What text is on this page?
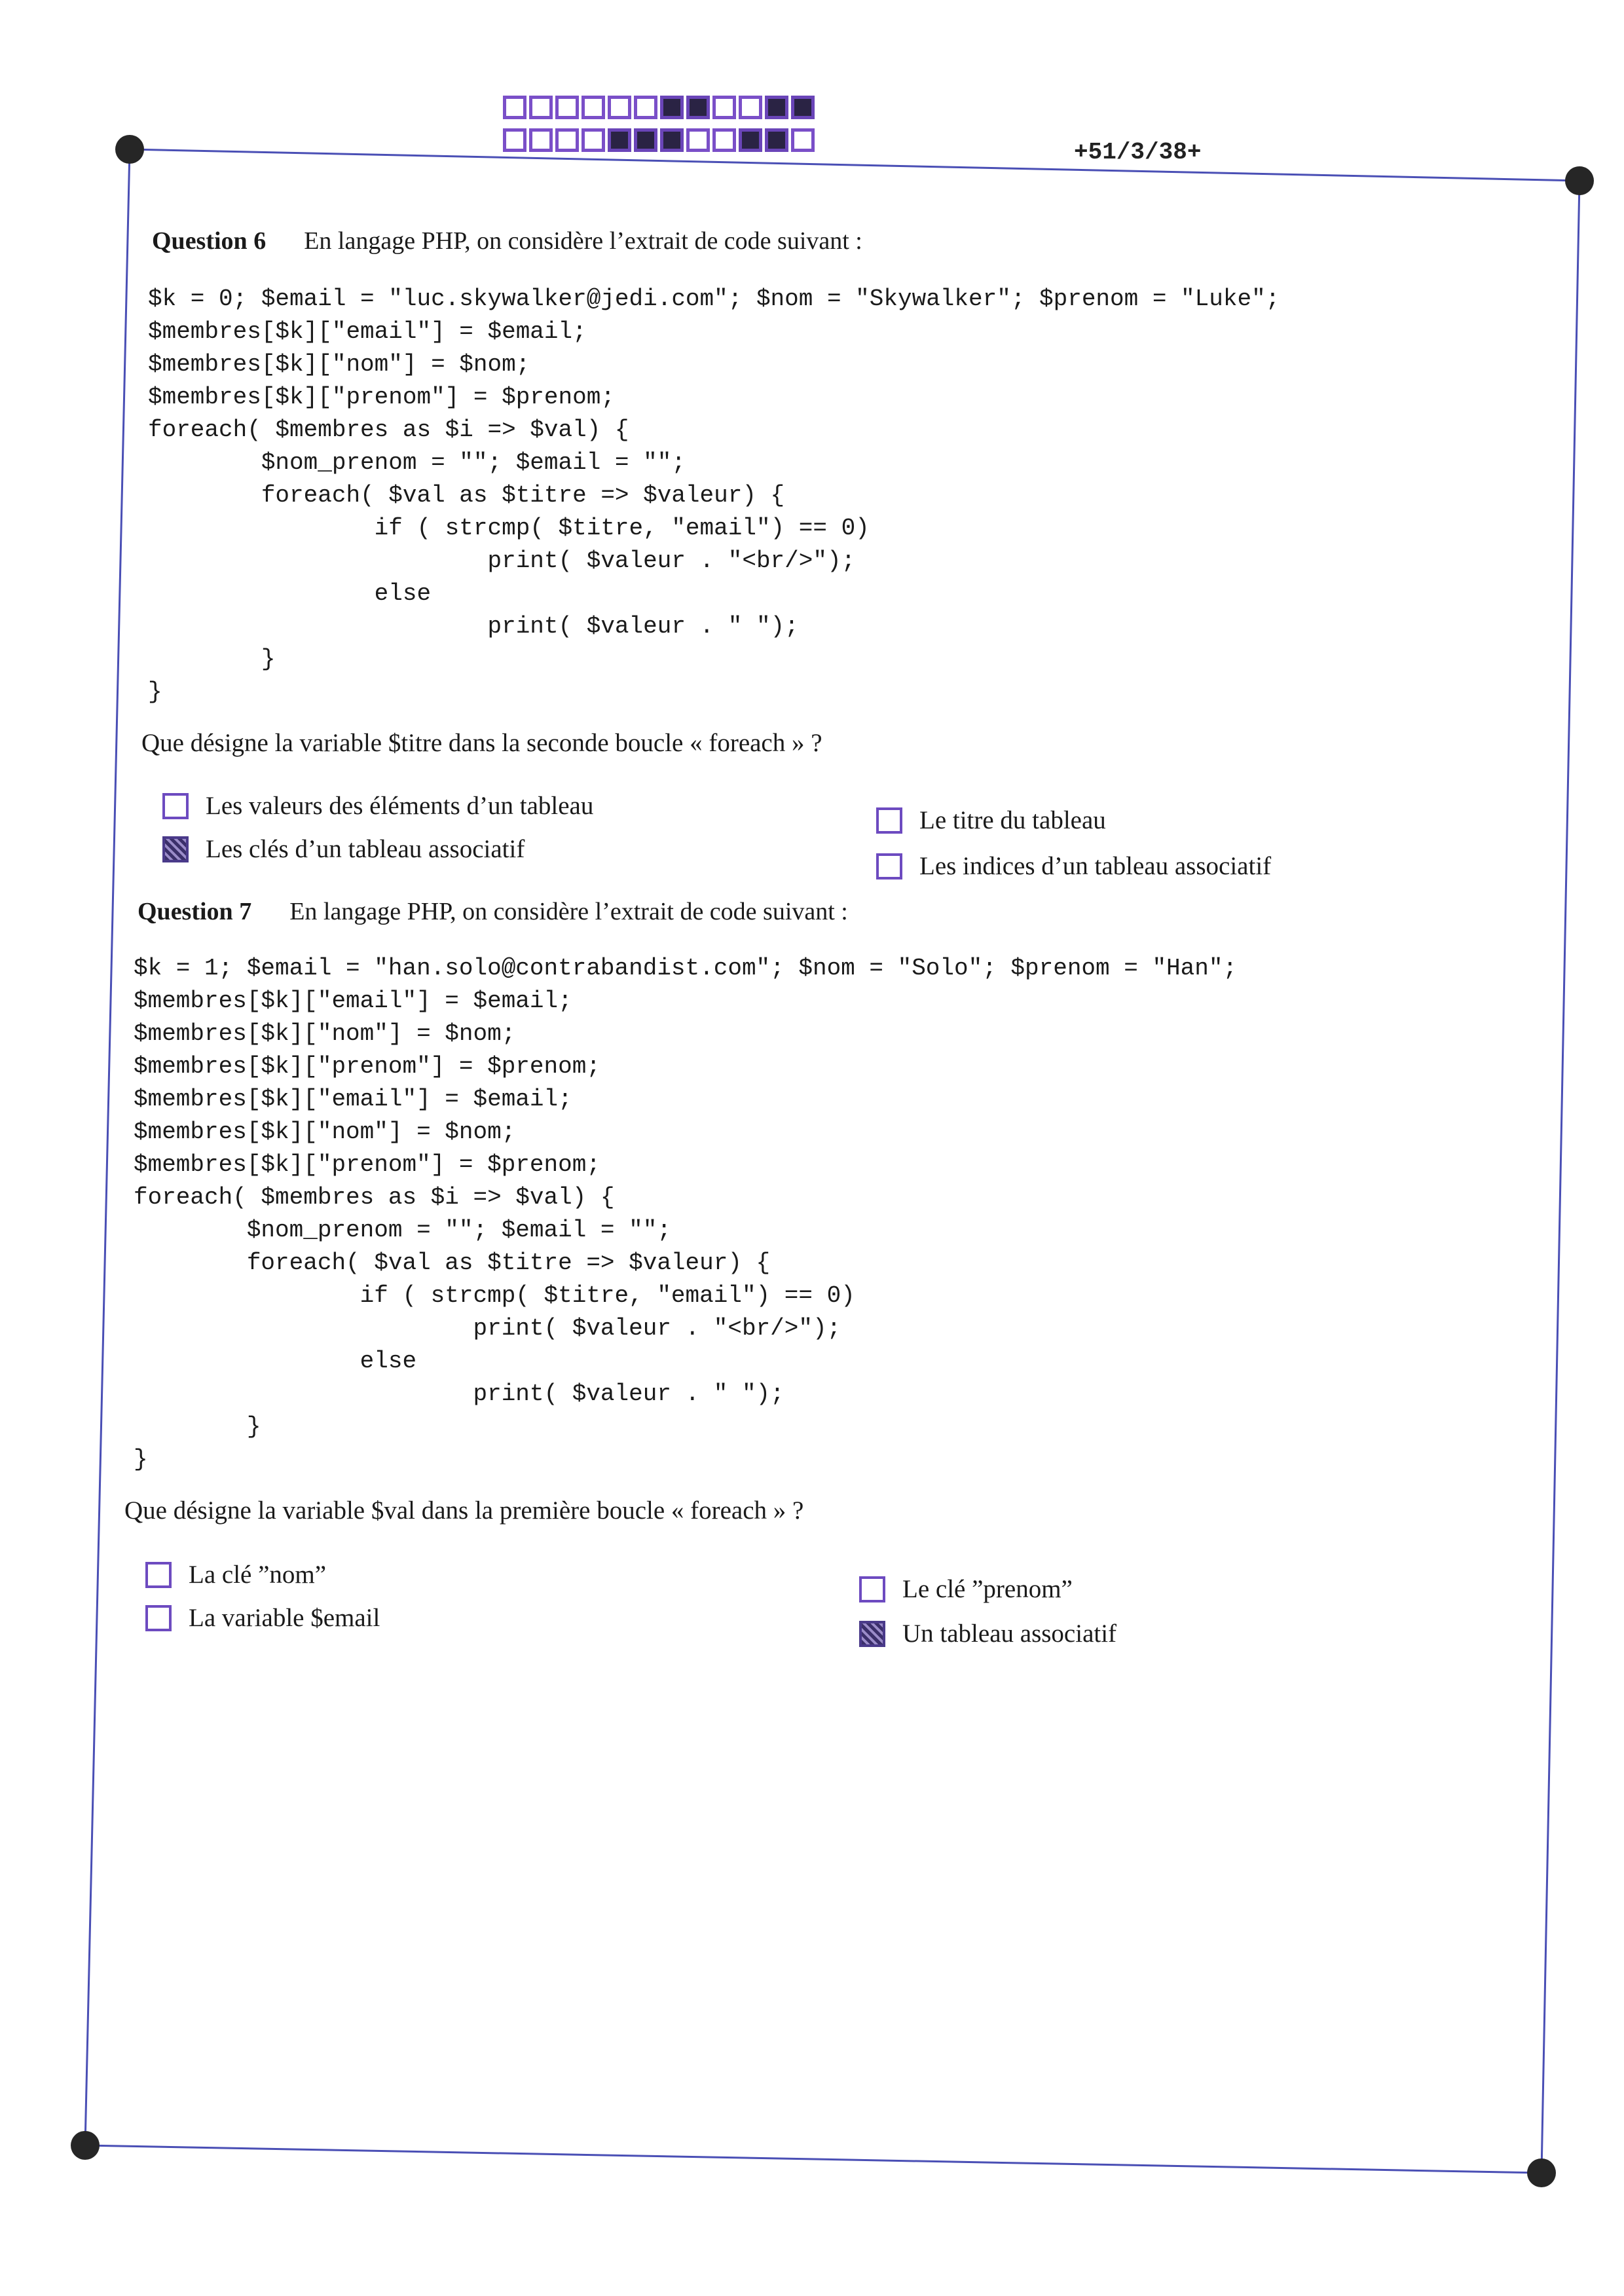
+51/3/38+
Question 6 En langage PHP, on considère l’extrait de code suivant :
$k = 0; $email = "luc.skywalker@jedi.com"; $nom = "Skywalker"; $prenom = "Luke";
$membres[$k]["email"] = $email;
$membres[$k]["nom"] = $nom;
$membres[$k]["prenom"] = $prenom;
foreach( $membres as $i => $val) {
$nom_prenom = ""; $email = "";
foreach( $val as $titre => $valeur) {
if ( strcmp( $titre, "email") == 0)
print( $valeur . "<br/>");
else
print( $valeur . " ");
}
}
Que désigne la variable $titre dans la seconde boucle « foreach » ?
Les valeurs des éléments d’un tableau
Les clés d’un tableau associatif
Le titre du tableau
Les indices d’un tableau associatif
Question 7 En langage PHP, on considère l’extrait de code suivant :
$k = 1; $email = "han.solo@contrabandist.com"; $nom = "Solo"; $prenom = "Han";
$membres[$k]["email"] = $email;
$membres[$k]["nom"] = $nom;
$membres[$k]["prenom"] = $prenom;
$membres[$k]["email"] = $email;
$membres[$k]["nom"] = $nom;
$membres[$k]["prenom"] = $prenom;
foreach( $membres as $i => $val) {
$nom_prenom = ""; $email = "";
foreach( $val as $titre => $valeur) {
if ( strcmp( $titre, "email") == 0)
print( $valeur . "<br/>");
else
print( $valeur . " ");
}
}
Que désigne la variable $val dans la première boucle « foreach » ?
La clé ”nom”
La variable $email
Le clé ”prenom”
Un tableau associatif
